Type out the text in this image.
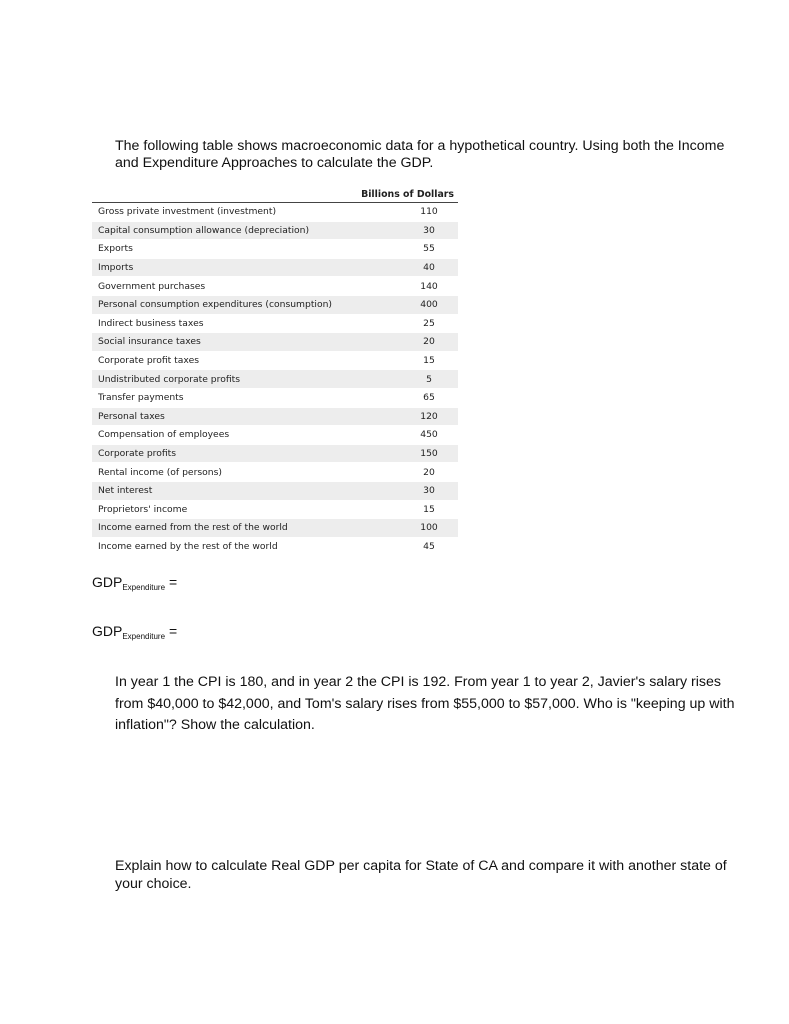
The following table shows macroeconomic data for a hypothetical country. Using both the Income and Expenditure Approaches to calculate the GDP.

	Billions of Dollars
Gross private investment (investment)	110
Capital consumption allowance (depreciation)	30
Exports	55
Imports	40
Government purchases	140
Personal consumption expenditures (consumption)	400
Indirect business taxes	25
Social insurance taxes	20
Corporate profit taxes	15
Undistributed corporate profits	5
Transfer payments	65
Personal taxes	120
Compensation of employees	450
Corporate profits	150
Rental income (of persons)	20
Net interest	30
Proprietors' income	15
Income earned from the rest of the world	100
Income earned by the rest of the world	45

$GDP_{Expenditure}$ =

$GDP_{Expenditure}$ =

In year 1 the CPI is 180, and in year 2 the CPI is 192. From year 1 to year 2, Javier's salary rises from $40,000 to $42,000, and Tom's salary rises from $55,000 to $57,000. Who is "keeping up with inflation"? Show the calculation.

Explain how to calculate Real GDP per capita for State of CA and compare it with another state of your choice.
